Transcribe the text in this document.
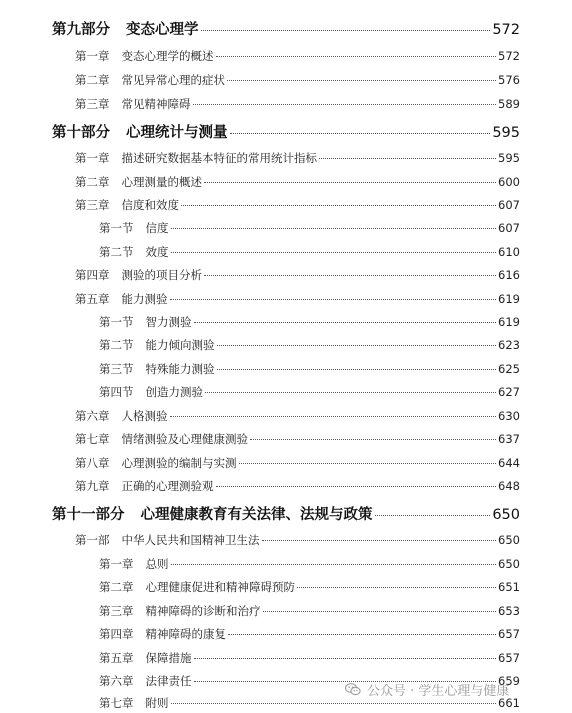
第九部分 变态心理学	572
第一章 变态心理学的概述	572
第二章 常见异常心理的症状	576
第三章 常见精神障碍	589
第十部分 心理统计与测量	595
第一章 描述研究数据基本特征的常用统计指标	595
第二章 心理测量的概述	600
第三章 信度和效度	607
第一节 信度	607
第二节 效度	610
第四章 测验的项目分析	616
第五章 能力测验	619
第一节 智力测验	619
第二节 能力倾向测验	623
第三节 特殊能力测验	625
第四节 创造力测验	627
第六章 人格测验	630
第七章 情绪测验及心理健康测验	637
第八章 心理测验的编制与实测	644
第九章 正确的心理测验观	648
第十一部分 心理健康教育有关法律、法规与政策	650
第一部 中华人民共和国精神卫生法	650
第一章 总则	650
第二章 心理健康促进和精神障碍预防	651
第三章 精神障碍的诊断和治疗	653
第四章 精神障碍的康复	657
第五章 保障措施	657
第六章 法律责任	659
第七章 附则	661
公众号 · 学生心理与健康
